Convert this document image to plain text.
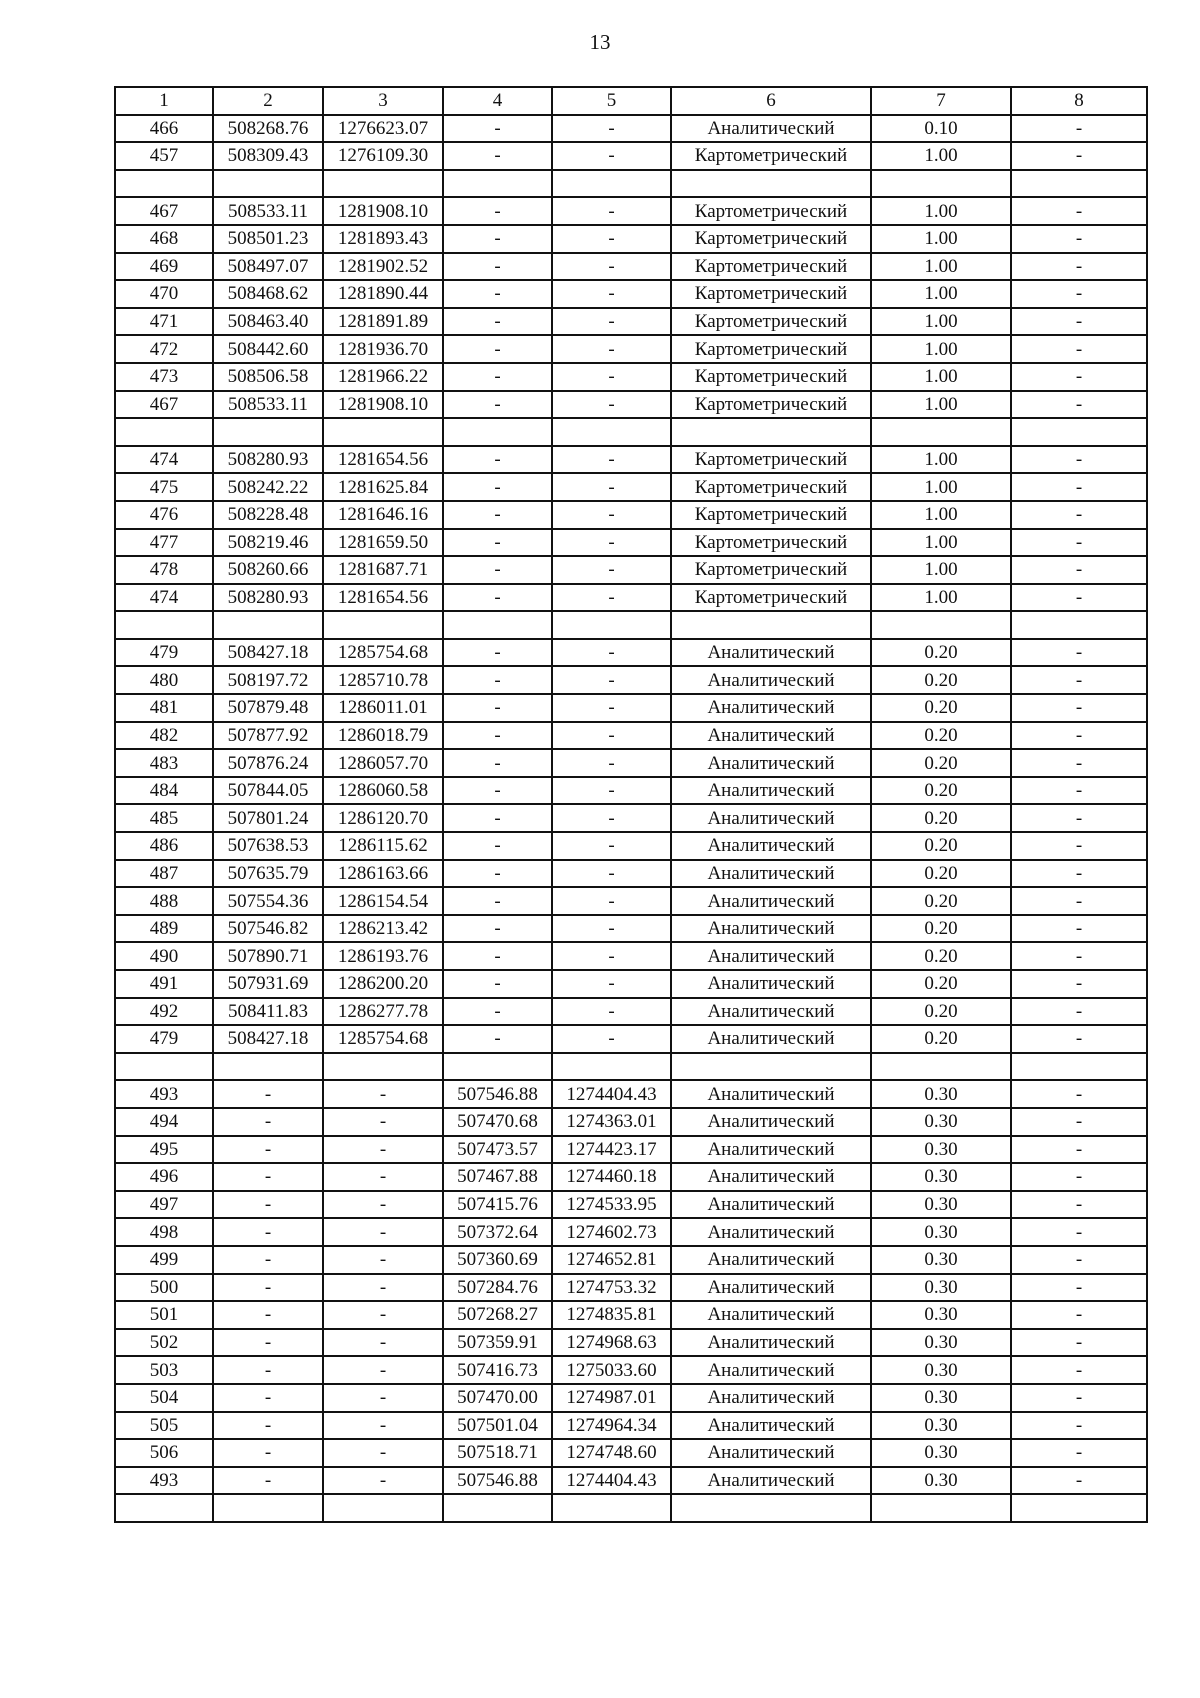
13
1	2	3	4	5	6	7	8
466	508268.76	1276623.07	-	-	Аналитический	0.10	-
457	508309.43	1276109.30	-	-	Картометрический	1.00	-

467	508533.11	1281908.10	-	-	Картометрический	1.00	-
468	508501.23	1281893.43	-	-	Картометрический	1.00	-
469	508497.07	1281902.52	-	-	Картометрический	1.00	-
470	508468.62	1281890.44	-	-	Картометрический	1.00	-
471	508463.40	1281891.89	-	-	Картометрический	1.00	-
472	508442.60	1281936.70	-	-	Картометрический	1.00	-
473	508506.58	1281966.22	-	-	Картометрический	1.00	-
467	508533.11	1281908.10	-	-	Картометрический	1.00	-

474	508280.93	1281654.56	-	-	Картометрический	1.00	-
475	508242.22	1281625.84	-	-	Картометрический	1.00	-
476	508228.48	1281646.16	-	-	Картометрический	1.00	-
477	508219.46	1281659.50	-	-	Картометрический	1.00	-
478	508260.66	1281687.71	-	-	Картометрический	1.00	-
474	508280.93	1281654.56	-	-	Картометрический	1.00	-

479	508427.18	1285754.68	-	-	Аналитический	0.20	-
480	508197.72	1285710.78	-	-	Аналитический	0.20	-
481	507879.48	1286011.01	-	-	Аналитический	0.20	-
482	507877.92	1286018.79	-	-	Аналитический	0.20	-
483	507876.24	1286057.70	-	-	Аналитический	0.20	-
484	507844.05	1286060.58	-	-	Аналитический	0.20	-
485	507801.24	1286120.70	-	-	Аналитический	0.20	-
486	507638.53	1286115.62	-	-	Аналитический	0.20	-
487	507635.79	1286163.66	-	-	Аналитический	0.20	-
488	507554.36	1286154.54	-	-	Аналитический	0.20	-
489	507546.82	1286213.42	-	-	Аналитический	0.20	-
490	507890.71	1286193.76	-	-	Аналитический	0.20	-
491	507931.69	1286200.20	-	-	Аналитический	0.20	-
492	508411.83	1286277.78	-	-	Аналитический	0.20	-
479	508427.18	1285754.68	-	-	Аналитический	0.20	-

493	-	-	507546.88	1274404.43	Аналитический	0.30	-
494	-	-	507470.68	1274363.01	Аналитический	0.30	-
495	-	-	507473.57	1274423.17	Аналитический	0.30	-
496	-	-	507467.88	1274460.18	Аналитический	0.30	-
497	-	-	507415.76	1274533.95	Аналитический	0.30	-
498	-	-	507372.64	1274602.73	Аналитический	0.30	-
499	-	-	507360.69	1274652.81	Аналитический	0.30	-
500	-	-	507284.76	1274753.32	Аналитический	0.30	-
501	-	-	507268.27	1274835.81	Аналитический	0.30	-
502	-	-	507359.91	1274968.63	Аналитический	0.30	-
503	-	-	507416.73	1275033.60	Аналитический	0.30	-
504	-	-	507470.00	1274987.01	Аналитический	0.30	-
505	-	-	507501.04	1274964.34	Аналитический	0.30	-
506	-	-	507518.71	1274748.60	Аналитический	0.30	-
493	-	-	507546.88	1274404.43	Аналитический	0.30	-
